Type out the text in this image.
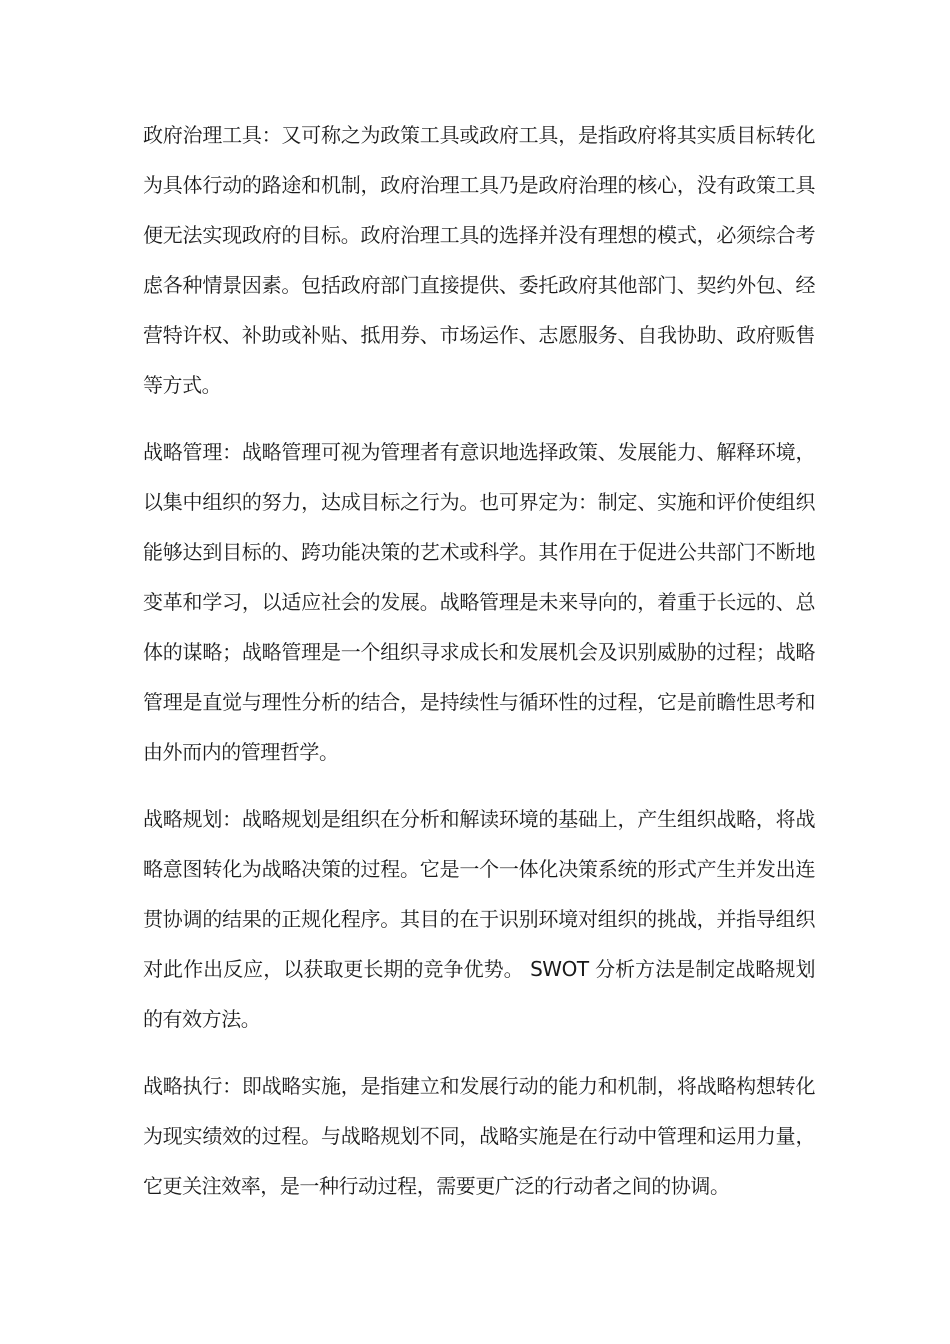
政府治理工具：又可称之为政策工具或政府工具，是指政府将其实质目标转化为具体行动的路途和机制，政府治理工具乃是政府治理的核心，没有政策工具便无法实现政府的目标。政府治理工具的选择并没有理想的模式，必须综合考虑各种情景因素。包括政府部门直接提供、委托政府其他部门、契约外包、经营特许权、补助或补贴、抵用券、市场运作、志愿服务、自我协助、政府贩售等方式。

战略管理：战略管理可视为管理者有意识地选择政策、发展能力、解释环境，以集中组织的努力，达成目标之行为。也可界定为：制定、实施和评价使组织能够达到目标的、跨功能决策的艺术或科学。其作用在于促进公共部门不断地变革和学习，以适应社会的发展。战略管理是未来导向的，着重于长远的、总体的谋略；战略管理是一个组织寻求成长和发展机会及识别威胁的过程；战略管理是直觉与理性分析的结合，是持续性与循环性的过程，它是前瞻性思考和由外而内的管理哲学。

战略规划：战略规划是组织在分析和解读环境的基础上，产生组织战略，将战略意图转化为战略决策的过程。它是一个一体化决策系统的形式产生并发出连贯协调的结果的正规化程序。其目的在于识别环境对组织的挑战，并指导组织对此作出反应，以获取更长期的竞争优势。 SWOT 分析方法是制定战略规划的有效方法。

战略执行：即战略实施，是指建立和发展行动的能力和机制，将战略构想转化为现实绩效的过程。与战略规划不同，战略实施是在行动中管理和运用力量，它更关注效率，是一种行动过程，需要更广泛的行动者之间的协调。
